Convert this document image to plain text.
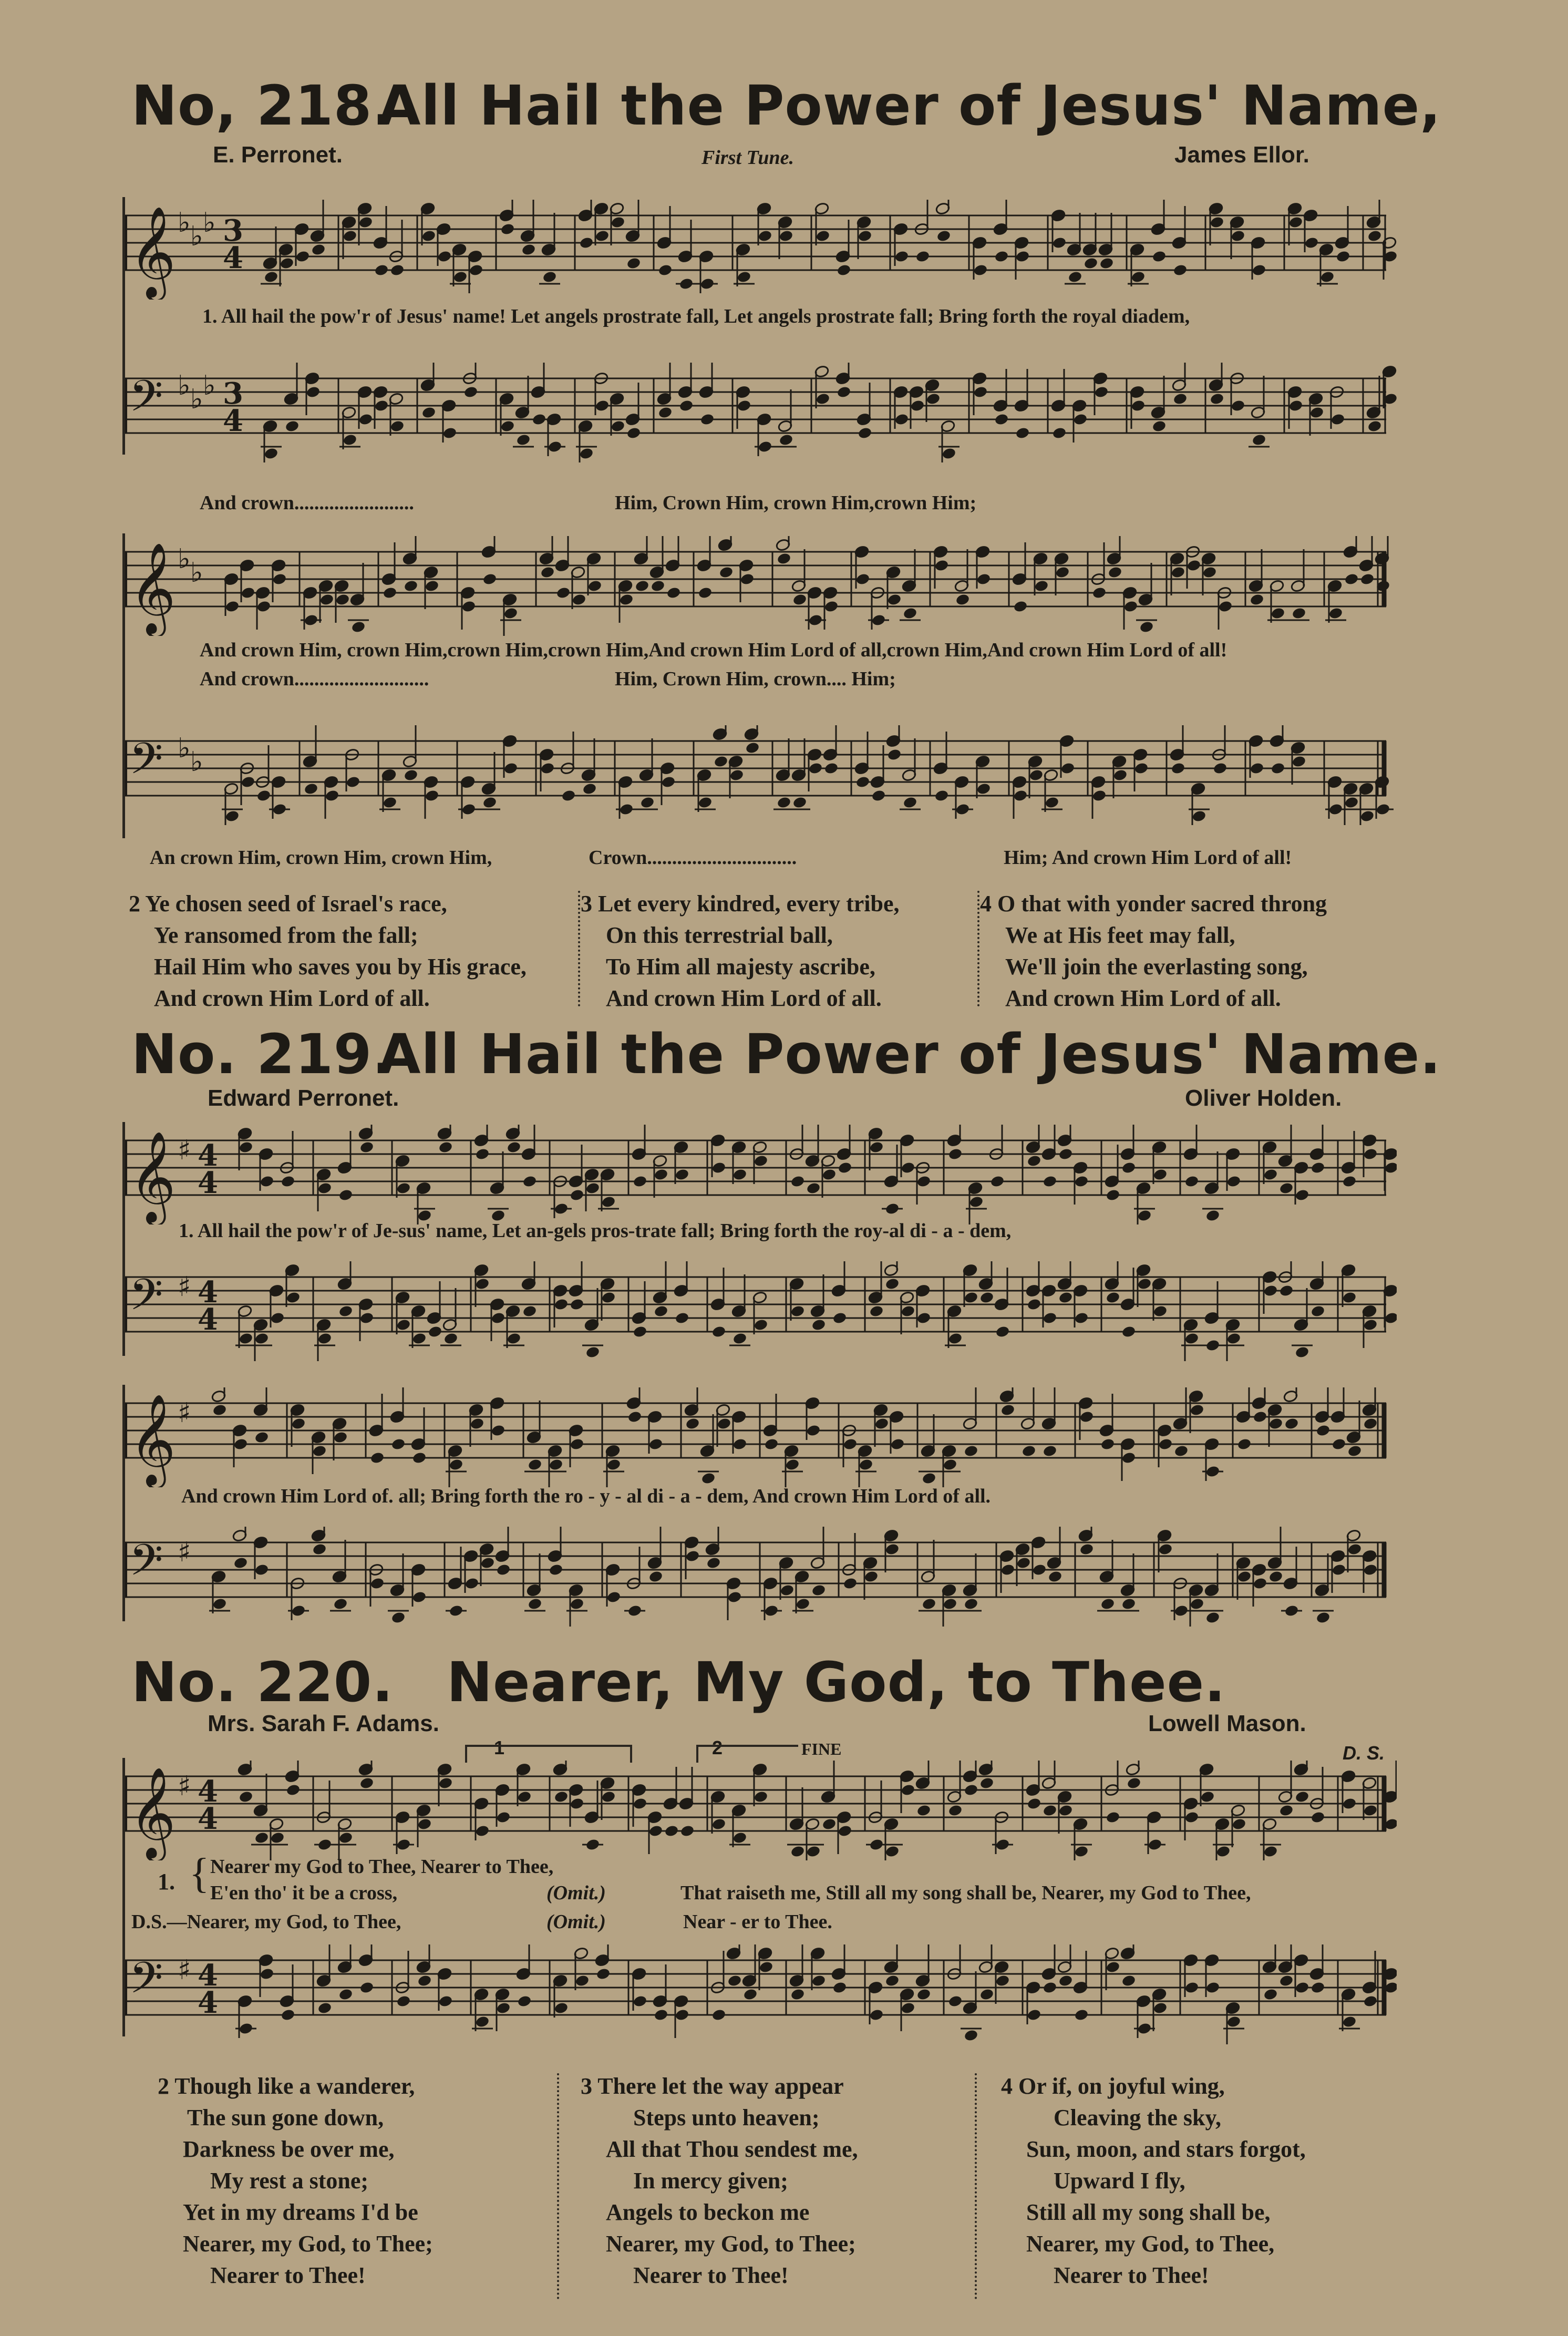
No, 218.All Hail the Power of Jesus' Name,
E. Perronet.	First Tune.	James Ellor.
𝄞 ♭ ♭ ♭ 3
4
1. All hail the pow'r of Jesus' name! Let angels prostrate fall, Let angels prostrate fall; Bring forth the royal diadem,
𝄢 ♭ ♭ ♭ 3
4
And crown........................	Him, Crown Him, crown Him,crown Him;
𝄞 ♭ ♭
And crown Him, crown Him,crown Him,crown Him,And crown Him Lord of all,crown Him,And crown Him Lord of all!
And crown...........................	Him, Crown Him, crown.... Him;
𝄢 ♭ ♭
An crown Him, crown Him, crown Him,	Crown..............................	Him; And crown Him Lord of all!
2 Ye chosen seed of Israel's race,
Ye ransomed from the fall;
Hail Him who saves you by His grace,
And crown Him Lord of all.
3 Let every kindred, every tribe,
On this terrestrial ball,
To Him all majesty ascribe,
And crown Him Lord of all.
4 O that with yonder sacred throng
We at His feet may fall,
We'll join the everlasting song,
And crown Him Lord of all.
No. 219.All Hail the Power of Jesus' Name.
Edward Perronet.	Oliver Holden.
𝄞 ♯ 4
4
1. All hail the pow'r of Je-sus' name, Let an-gels pros-trate fall; Bring forth the roy-al di - a - dem,
𝄢 ♯ 4
4
𝄞 ♯
And crown Him Lord of. all; Bring forth the ro - y - al di - a - dem, And crown Him Lord of all.
𝄢 ♯
No. 220. Nearer, My God, to Thee.
Mrs. Sarah F. Adams.	Lowell Mason.
1	2	FINE	D. S.
𝄞 ♯ 4
4
1. { Nearer my God to Thee, Nearer to Thee,
E'en tho' it be a cross,	(Omit.)	That raiseth me, Still all my song shall be, Nearer, my God to Thee,
D.S.—Nearer, my God, to Thee,	(Omit.)	Near - er to Thee.
𝄢 ♯ 4
4
2 Though like a wanderer,
The sun gone down,
Darkness be over me,
My rest a stone;
Yet in my dreams I'd be
Nearer, my God, to Thee;
Nearer to Thee!
3 There let the way appear
Steps unto heaven;
All that Thou sendest me,
In mercy given;
Angels to beckon me
Nearer, my God, to Thee;
Nearer to Thee!
4 Or if, on joyful wing,
Cleaving the sky,
Sun, moon, and stars forgot,
Upward I fly,
Still all my song shall be,
Nearer, my God, to Thee,
Nearer to Thee!
